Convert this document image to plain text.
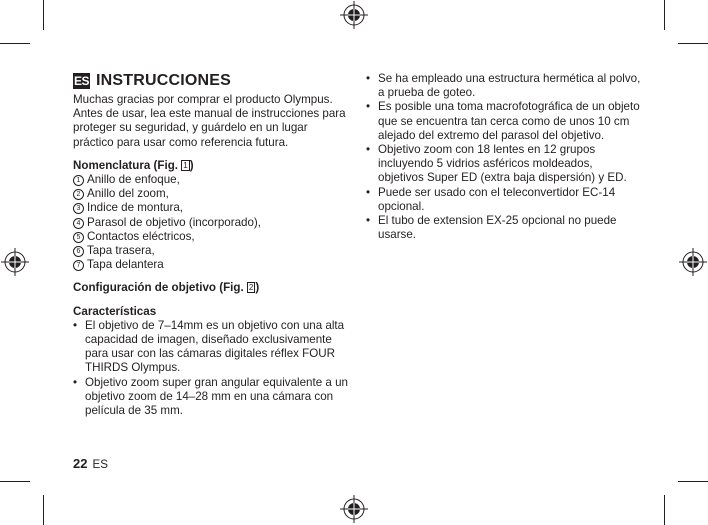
ES INSTRUCCIONES

Muchas gracias por comprar el producto Olympus. Antes de usar, lea este manual de instrucciones para proteger su seguridad, y guárdelo en un lugar práctico para usar como referencia futura.

Nomenclatura (Fig. 1 )

1 Anillo de enfoque,
2 Anillo del zoom,
3 Indice de montura,
4 Parasol de objetivo (incorporado),
5 Contactos eléctricos,
6 Tapa trasera,
7 Tapa delantera

Configuración de objetivo (Fig. 2 )

Características

• El objetivo de 7–14mm es un objetivo con una alta capacidad de imagen, diseñado exclusivamente para usar con las cámaras digitales réflex FOUR THIRDS Olympus.
• Objetivo zoom super gran angular equivalente a un objetivo zoom de 14–28 mm en una cámara con película de 35 mm.
• Se ha empleado una estructura hermética al polvo, a prueba de goteo.
• Es posible una toma macrofotográfica de un objeto que se encuentra tan cerca como de unos 10 cm alejado del extremo del parasol del objetivo.
• Objetivo zoom con 18 lentes en 12 grupos incluyendo 5 vidrios asféricos moldeados, objetivos Super ED (extra baja dispersión) y ED.
• Puede ser usado con el teleconvertidor EC-14 opcional.
• El tubo de extension EX-25 opcional no puede usarse.
22 ES
